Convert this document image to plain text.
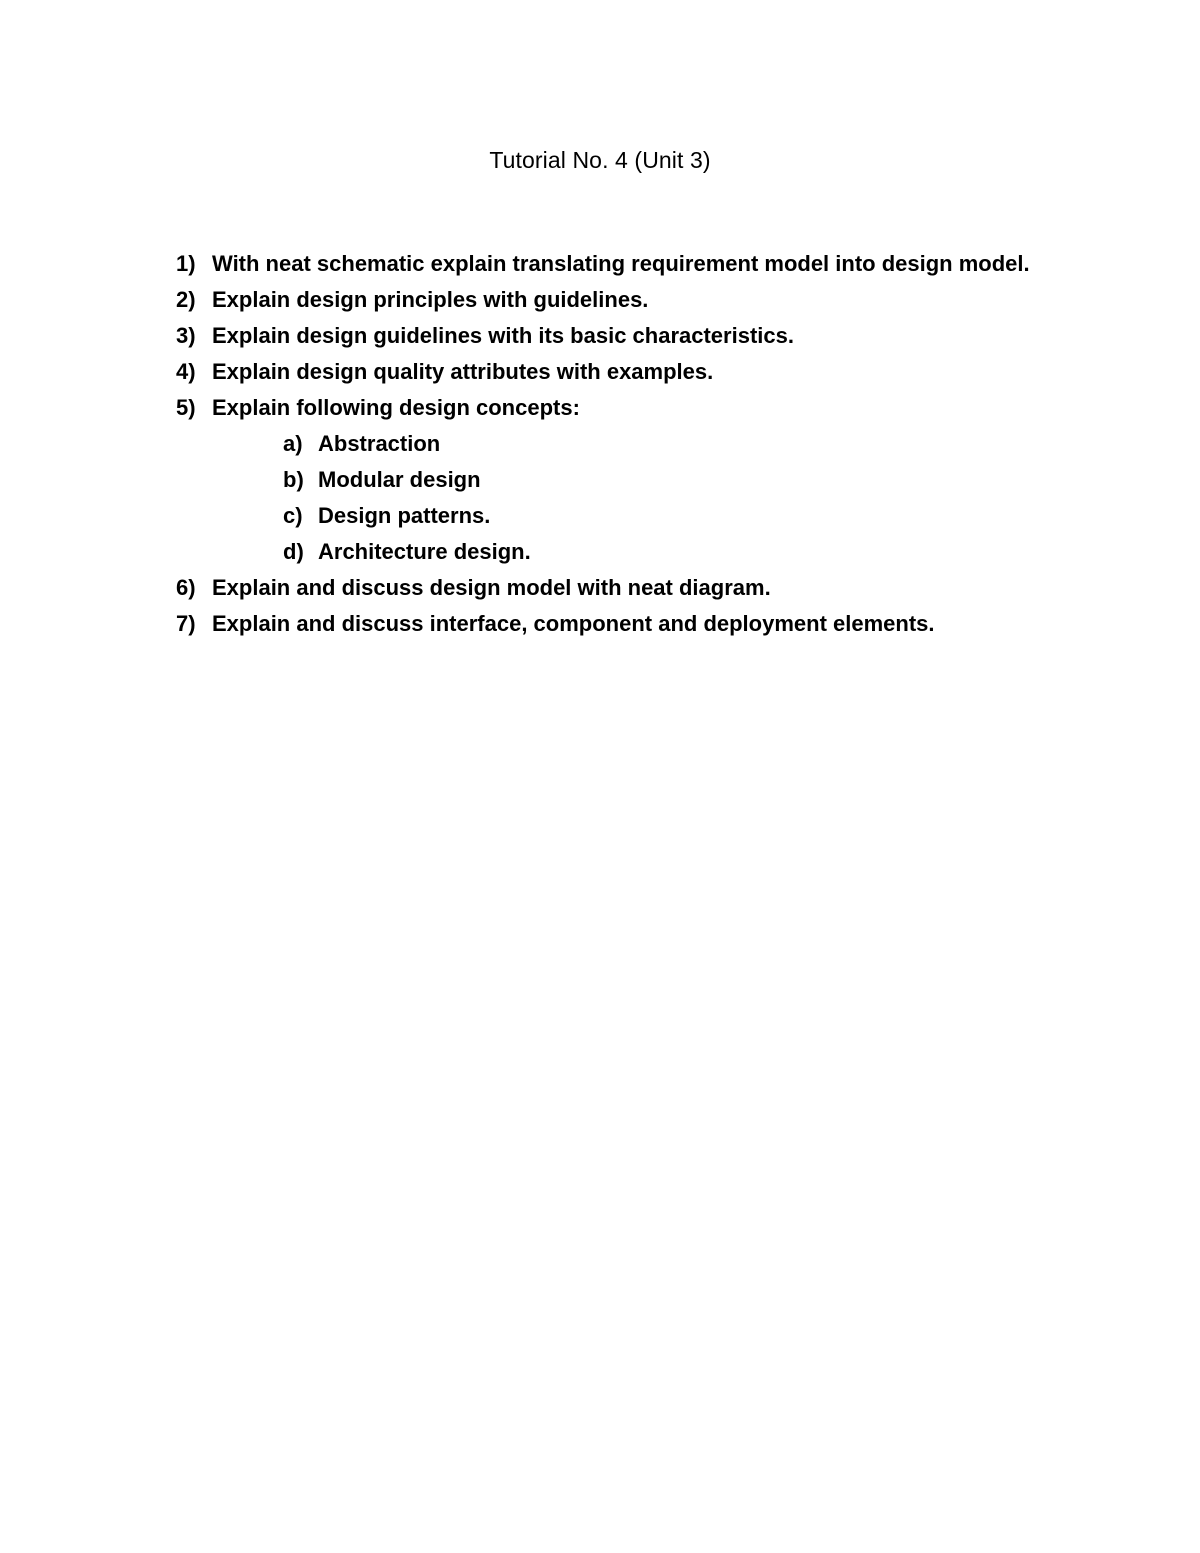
Tutorial No. 4 (Unit 3)
1) With neat schematic explain translating requirement model into design model.
2) Explain design principles with guidelines.
3) Explain design guidelines with its basic characteristics.
4) Explain design quality attributes with examples.
5) Explain following design concepts:
a) Abstraction
b) Modular design
c) Design patterns.
d) Architecture design.
6) Explain and discuss design model with neat diagram.
7) Explain and discuss interface, component and deployment elements.
